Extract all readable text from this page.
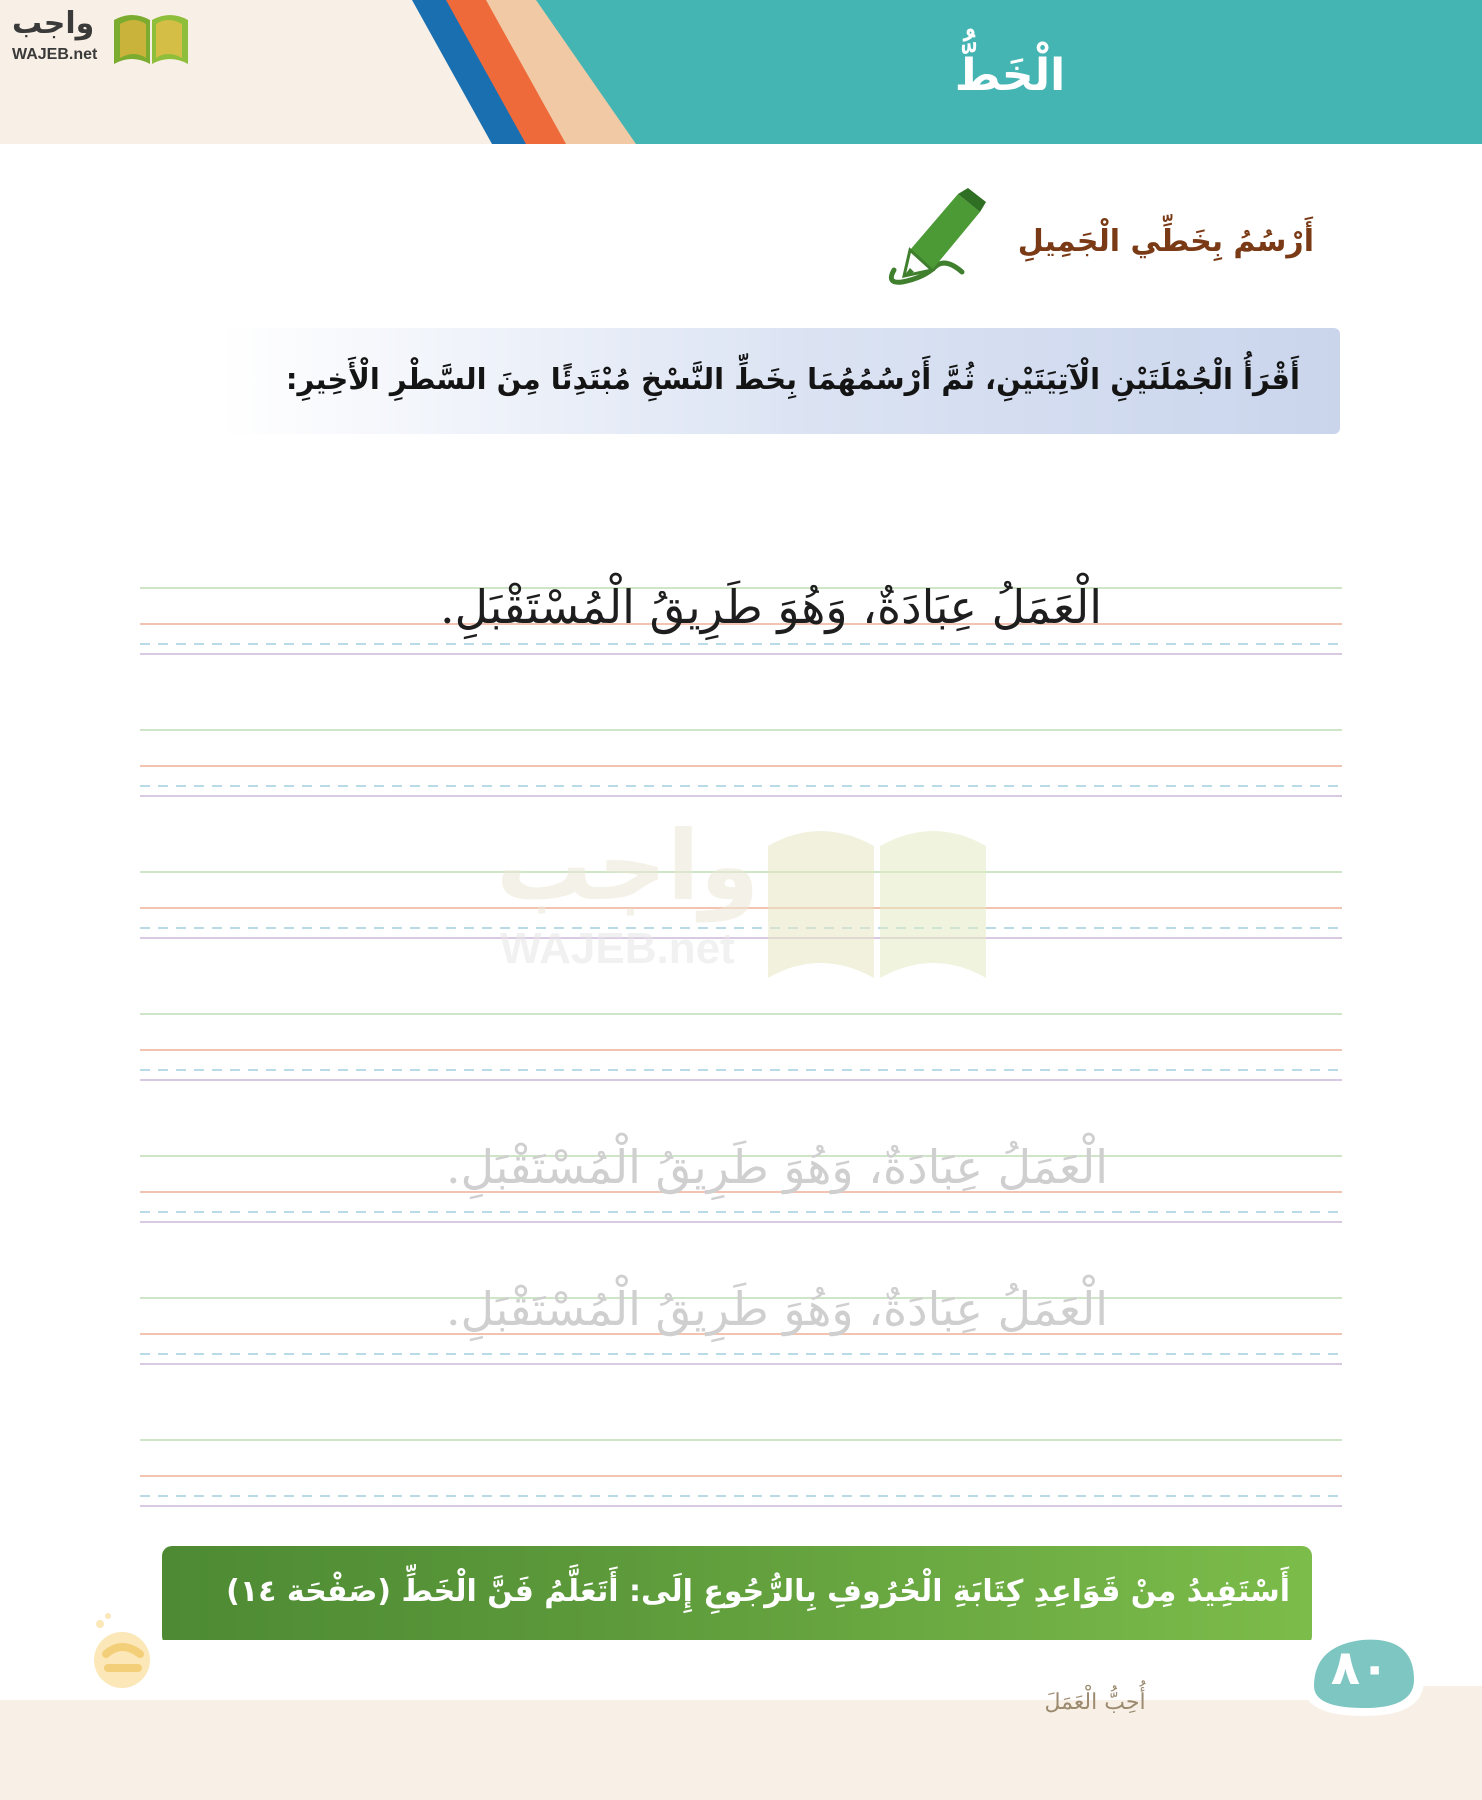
الْخَطُّ
واجب
WAJEB.net
أَرْسُمُ بِخَطِّي الْجَمِيلِ
أَقْرَأُ الْجُمْلَتَيْنِ الْآتِيَتَيْنِ، ثُمَّ أَرْسُمُهُمَا بِخَطِّ النَّسْخِ مُبْتَدِئًا مِنَ السَّطْرِ الْأَخِيرِ:
واجب
WAJEB.net
الْعَمَلُ عِبَادَةٌ، وَهُوَ طَرِيقُ الْمُسْتَقْبَلِ.
الْعَمَلُ عِبَادَةٌ، وَهُوَ طَرِيقُ الْمُسْتَقْبَلِ.
الْعَمَلُ عِبَادَةٌ، وَهُوَ طَرِيقُ الْمُسْتَقْبَلِ.
أَسْتَفِيدُ مِنْ قَوَاعِدِ كِتَابَةِ الْحُرُوفِ بِالرُّجُوعِ إِلَى: أَتَعَلَّمُ فَنَّ الْخَطِّ (صَفْحَة ١٤)
٨٠
أُحِبُّ الْعَمَلَ
